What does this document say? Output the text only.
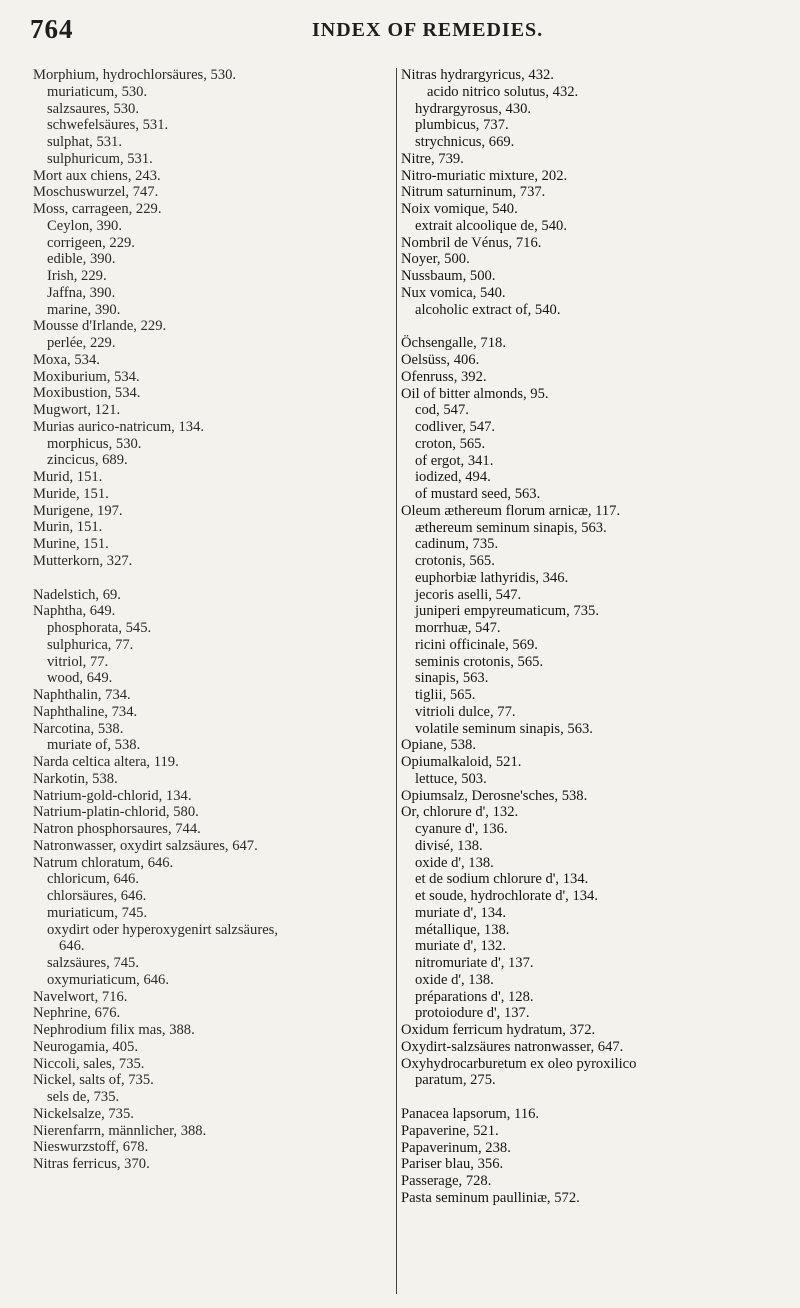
764	INDEX OF REMEDIES.
Morphium, hydrochlorsäures, 530.
muriaticum, 530.
salzsaures, 530.
schwefelsäures, 531.
sulphat, 531.
sulphuricum, 531.
Mort aux chiens, 243.
Moschuswurzel, 747.
Moss, carrageen, 229.
Ceylon, 390.
corrigeen, 229.
edible, 390.
Irish, 229.
Jaffna, 390.
marine, 390.
Mousse d'Irlande, 229.
perlée, 229.
Moxa, 534.
Moxiburium, 534.
Moxibustion, 534.
Mugwort, 121.
Murias aurico-natricum, 134.
morphicus, 530.
zincicus, 689.
Murid, 151.
Muride, 151.
Murigene, 197.
Murin, 151.
Murine, 151.
Mutterkorn, 327.
Nadelstich, 69.
Naphtha, 649.
phosphorata, 545.
sulphurica, 77.
vitriol, 77.
wood, 649.
Naphthalin, 734.
Naphthaline, 734.
Narcotina, 538.
muriate of, 538.
Narda celtica altera, 119.
Narkotin, 538.
Natrium-gold-chlorid, 134.
Natrium-platin-chlorid, 580.
Natron phosphorsaures, 744.
Natronwasser, oxydirt salzsäures, 647.
Natrum chloratum, 646.
chloricum, 646.
chlorsäures, 646.
muriaticum, 745.
oxydirt oder hyperoxygenirt salzsäures,
646.
salzsäures, 745.
oxymuriaticum, 646.
Navelwort, 716.
Nephrine, 676.
Nephrodium filix mas, 388.
Neurogamia, 405.
Niccoli, sales, 735.
Nickel, salts of, 735.
sels de, 735.
Nickelsalze, 735.
Nierenfarrn, männlicher, 388.
Nieswurzstoff, 678.
Nitras ferricus, 370.
Nitras hydrargyricus, 432.
acido nitrico solutus, 432.
hydrargyrosus, 430.
plumbicus, 737.
strychnicus, 669.
Nitre, 739.
Nitro-muriatic mixture, 202.
Nitrum saturninum, 737.
Noix vomique, 540.
extrait alcoolique de, 540.
Nombril de Vénus, 716.
Noyer, 500.
Nussbaum, 500.
Nux vomica, 540.
alcoholic extract of, 540.
Öchsengalle, 718.
Oelsüss, 406.
Ofenruss, 392.
Oil of bitter almonds, 95.
cod, 547.
codliver, 547.
croton, 565.
of ergot, 341.
iodized, 494.
of mustard seed, 563.
Oleum æthereum florum arnicæ, 117.
æthereum seminum sinapis, 563.
cadinum, 735.
crotonis, 565.
euphorbiæ lathyridis, 346.
jecoris aselli, 547.
juniperi empyreumaticum, 735.
morrhuæ, 547.
ricini officinale, 569.
seminis crotonis, 565.
sinapis, 563.
tiglii, 565.
vitrioli dulce, 77.
volatile seminum sinapis, 563.
Opiane, 538.
Opiumalkaloid, 521.
lettuce, 503.
Opiumsalz, Derosne'sches, 538.
Or, chlorure d', 132.
cyanure d', 136.
divisé, 138.
oxide d', 138.
et de sodium chlorure d', 134.
et soude, hydrochlorate d', 134.
muriate d', 134.
métallique, 138.
muriate d', 132.
nitromuriate d', 137.
oxide d', 138.
préparations d', 128.
protoiodure d', 137.
Oxidum ferricum hydratum, 372.
Oxydirt-salzsäures natronwasser, 647.
Oxyhydrocarburetum ex oleo pyroxilico
paratum, 275.
Panacea lapsorum, 116.
Papaverine, 521.
Papaverinum, 238.
Pariser blau, 356.
Passerage, 728.
Pasta seminum paulliniæ, 572.
